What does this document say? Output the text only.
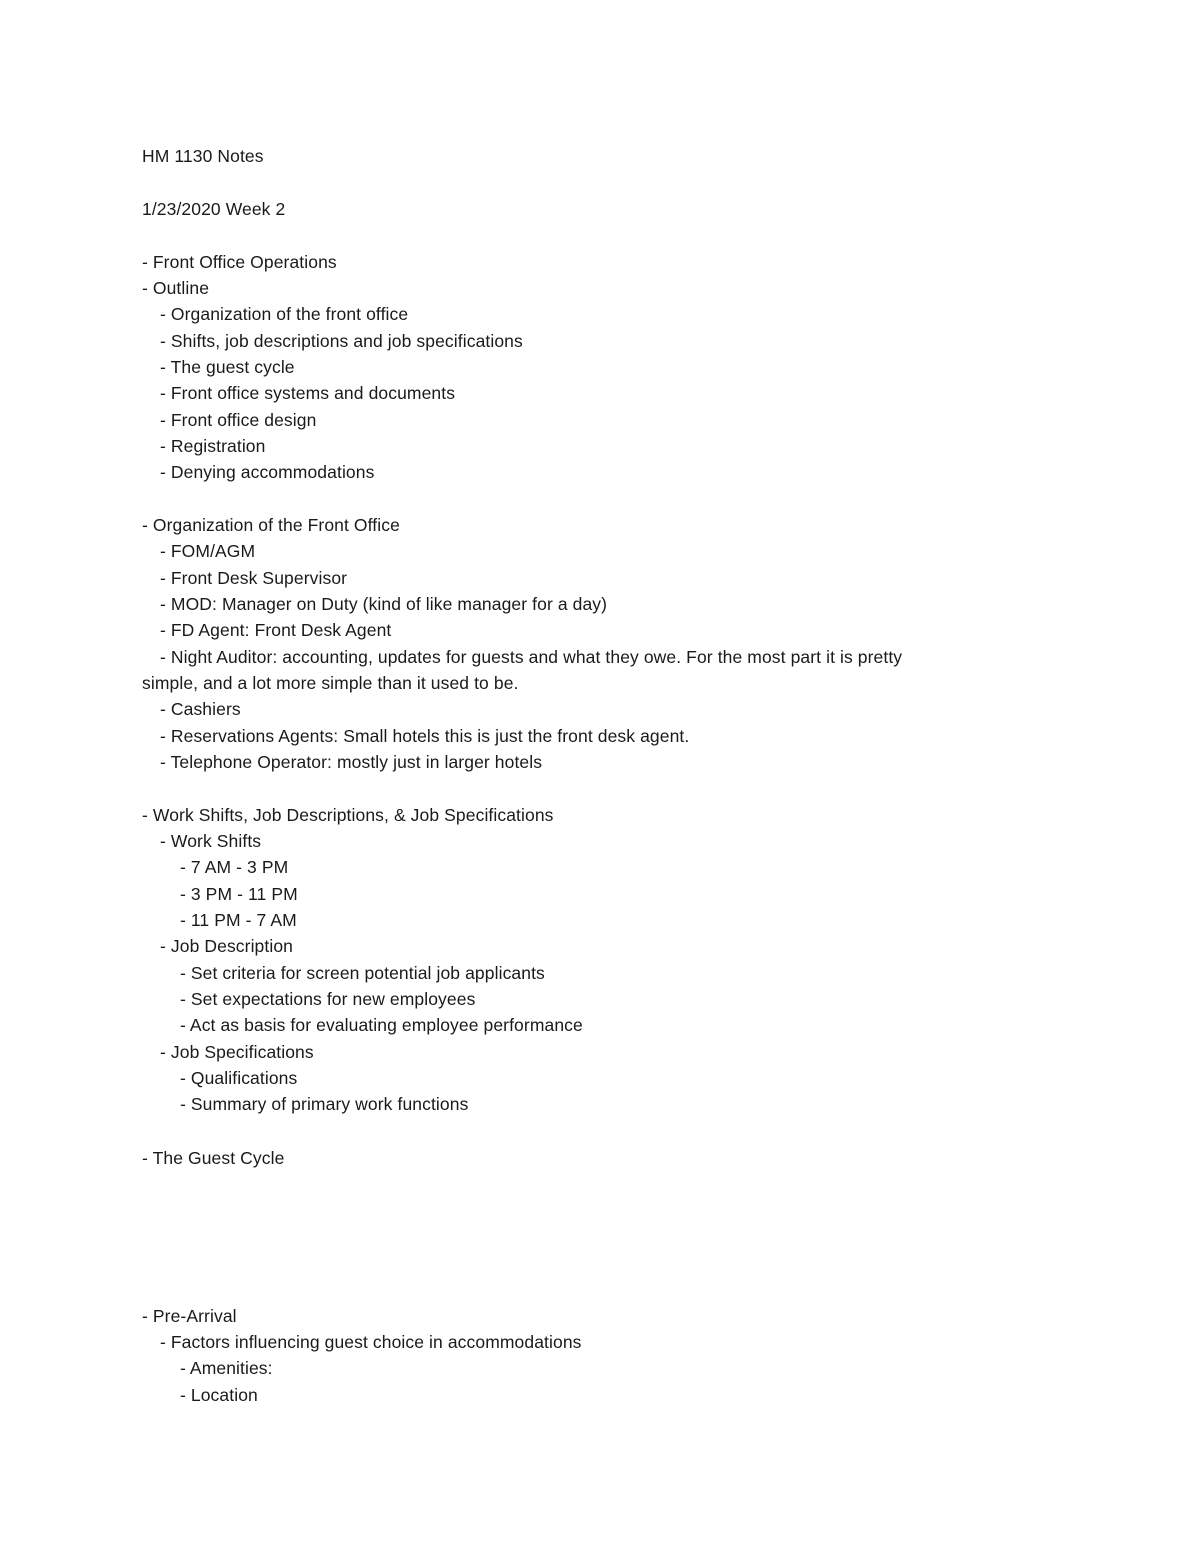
HM 1130 Notes
1/23/2020 Week 2
- Front Office Operations
- Outline
- Organization of the front office
- Shifts, job descriptions and job specifications
- The guest cycle
- Front office systems and documents
- Front office design
- Registration
- Denying accommodations
- Organization of the Front Office
- FOM/AGM
- Front Desk Supervisor
- MOD: Manager on Duty (kind of like manager for a day)
- FD Agent: Front Desk Agent
- Night Auditor: accounting, updates for guests and what they owe. For the most part it is pretty
simple, and a lot more simple than it used to be.
- Cashiers
- Reservations Agents: Small hotels this is just the front desk agent.
- Telephone Operator: mostly just in larger hotels
- Work Shifts, Job Descriptions, & Job Specifications
- Work Shifts
- 7 AM - 3 PM
- 3 PM - 11 PM
- 11 PM - 7 AM
- Job Description
- Set criteria for screen potential job applicants
- Set expectations for new employees
- Act as basis for evaluating employee performance
- Job Specifications
- Qualifications
- Summary of primary work functions
- The Guest Cycle
- Pre-Arrival
- Factors influencing guest choice in accommodations
- Amenities:
- Location
